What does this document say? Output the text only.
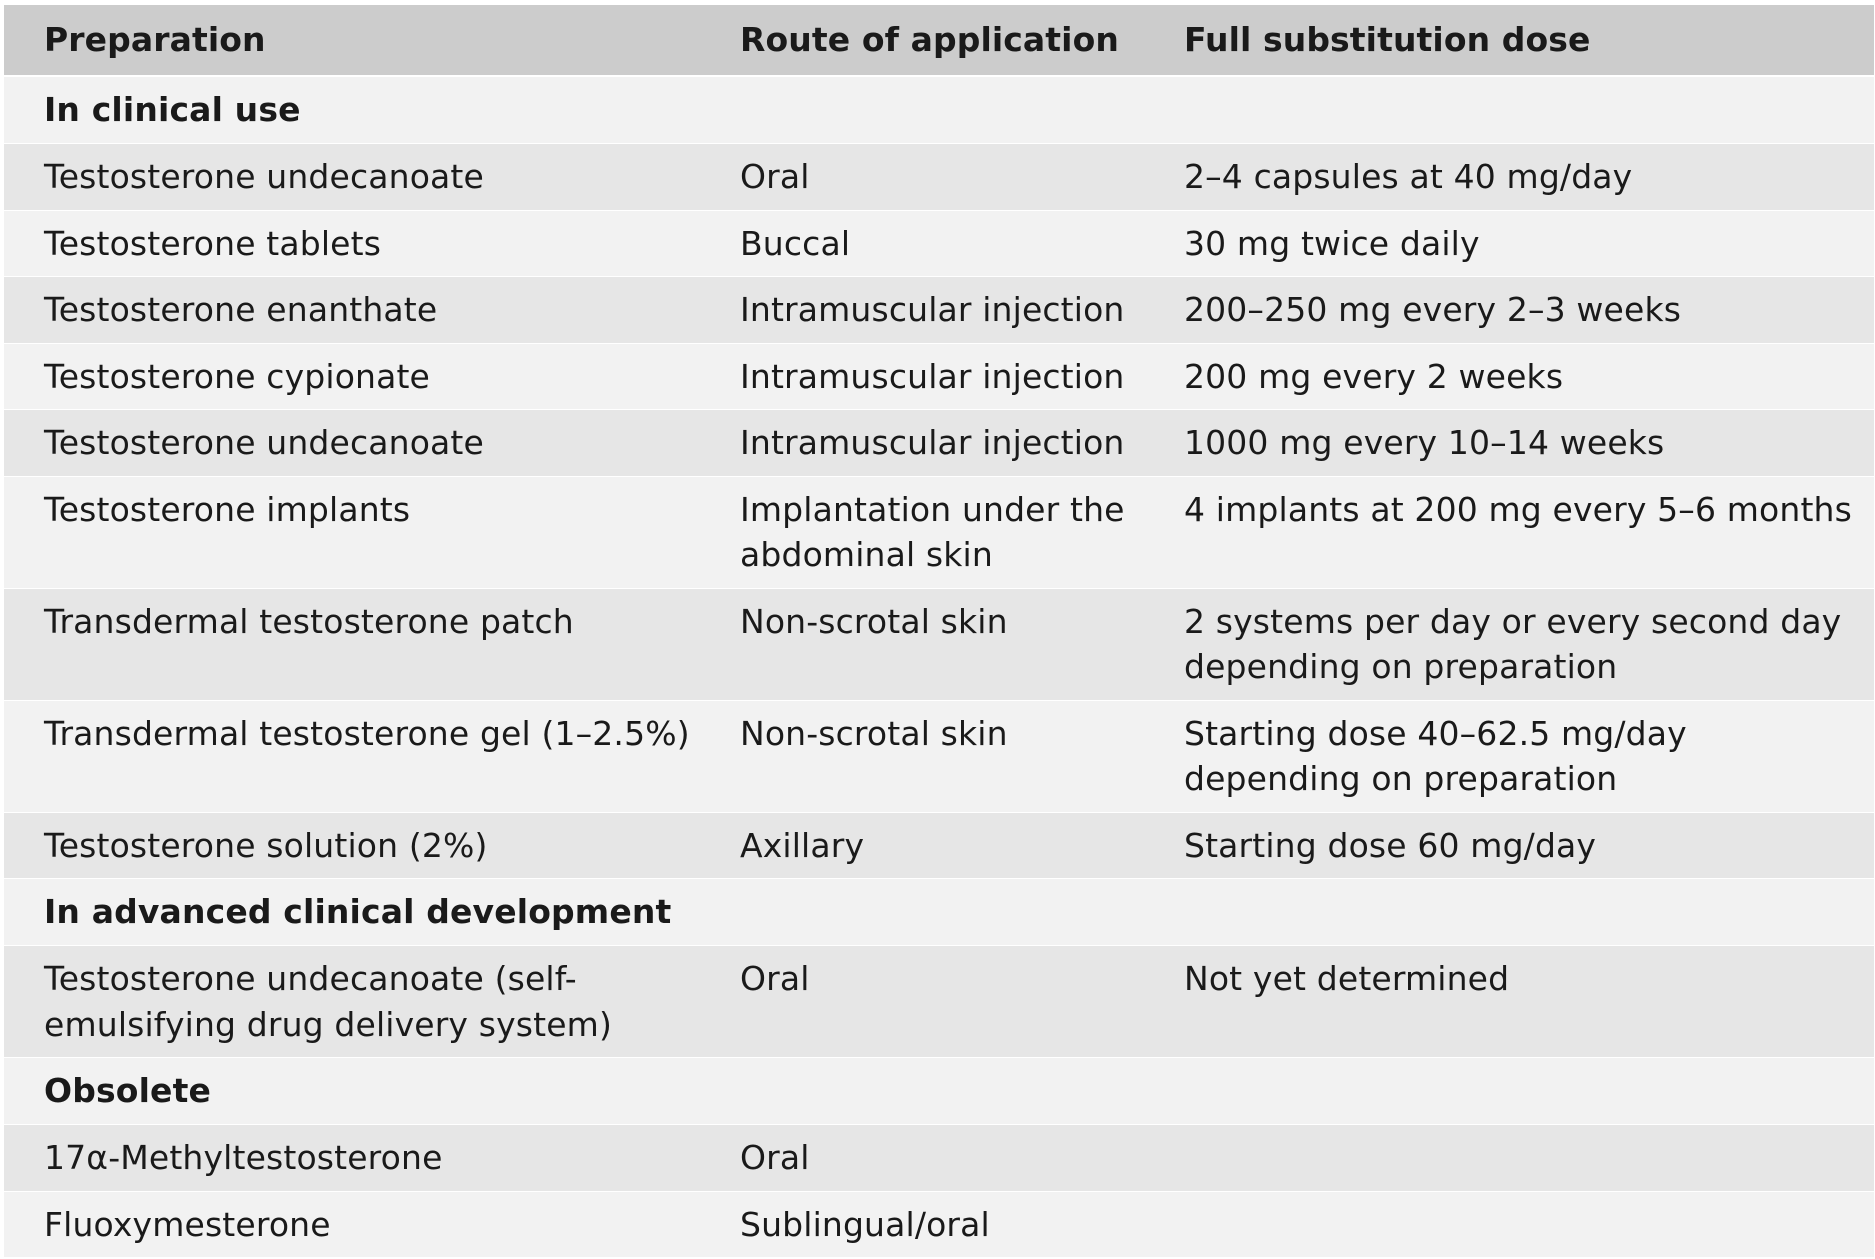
Preparation	Route of application	Full substitution dose
In clinical use		
Testosterone undecanoate	Oral	2–4 capsules at 40 mg/day
Testosterone tablets	Buccal	30 mg twice daily
Testosterone enanthate	Intramuscular injection	200–250 mg every 2–3 weeks
Testosterone cypionate	Intramuscular injection	200 mg every 2 weeks
Testosterone undecanoate	Intramuscular injection	1000 mg every 10–14 weeks
Testosterone implants	Implantation under the abdominal skin	4 implants at 200 mg every 5–6 months
Transdermal testosterone patch	Non-scrotal skin	2 systems per day or every second day depending on preparation
Transdermal testosterone gel (1–2.5%)	Non-scrotal skin	Starting dose 40–62.5 mg/day depending on preparation
Testosterone solution (2%)	Axillary	Starting dose 60 mg/day
In advanced clinical development		
Testosterone undecanoate (self-emulsifying drug delivery system)	Oral	Not yet determined
Obsolete		
17α-Methyltestosterone	Oral	
Fluoxymesterone	Sublingual/oral	
